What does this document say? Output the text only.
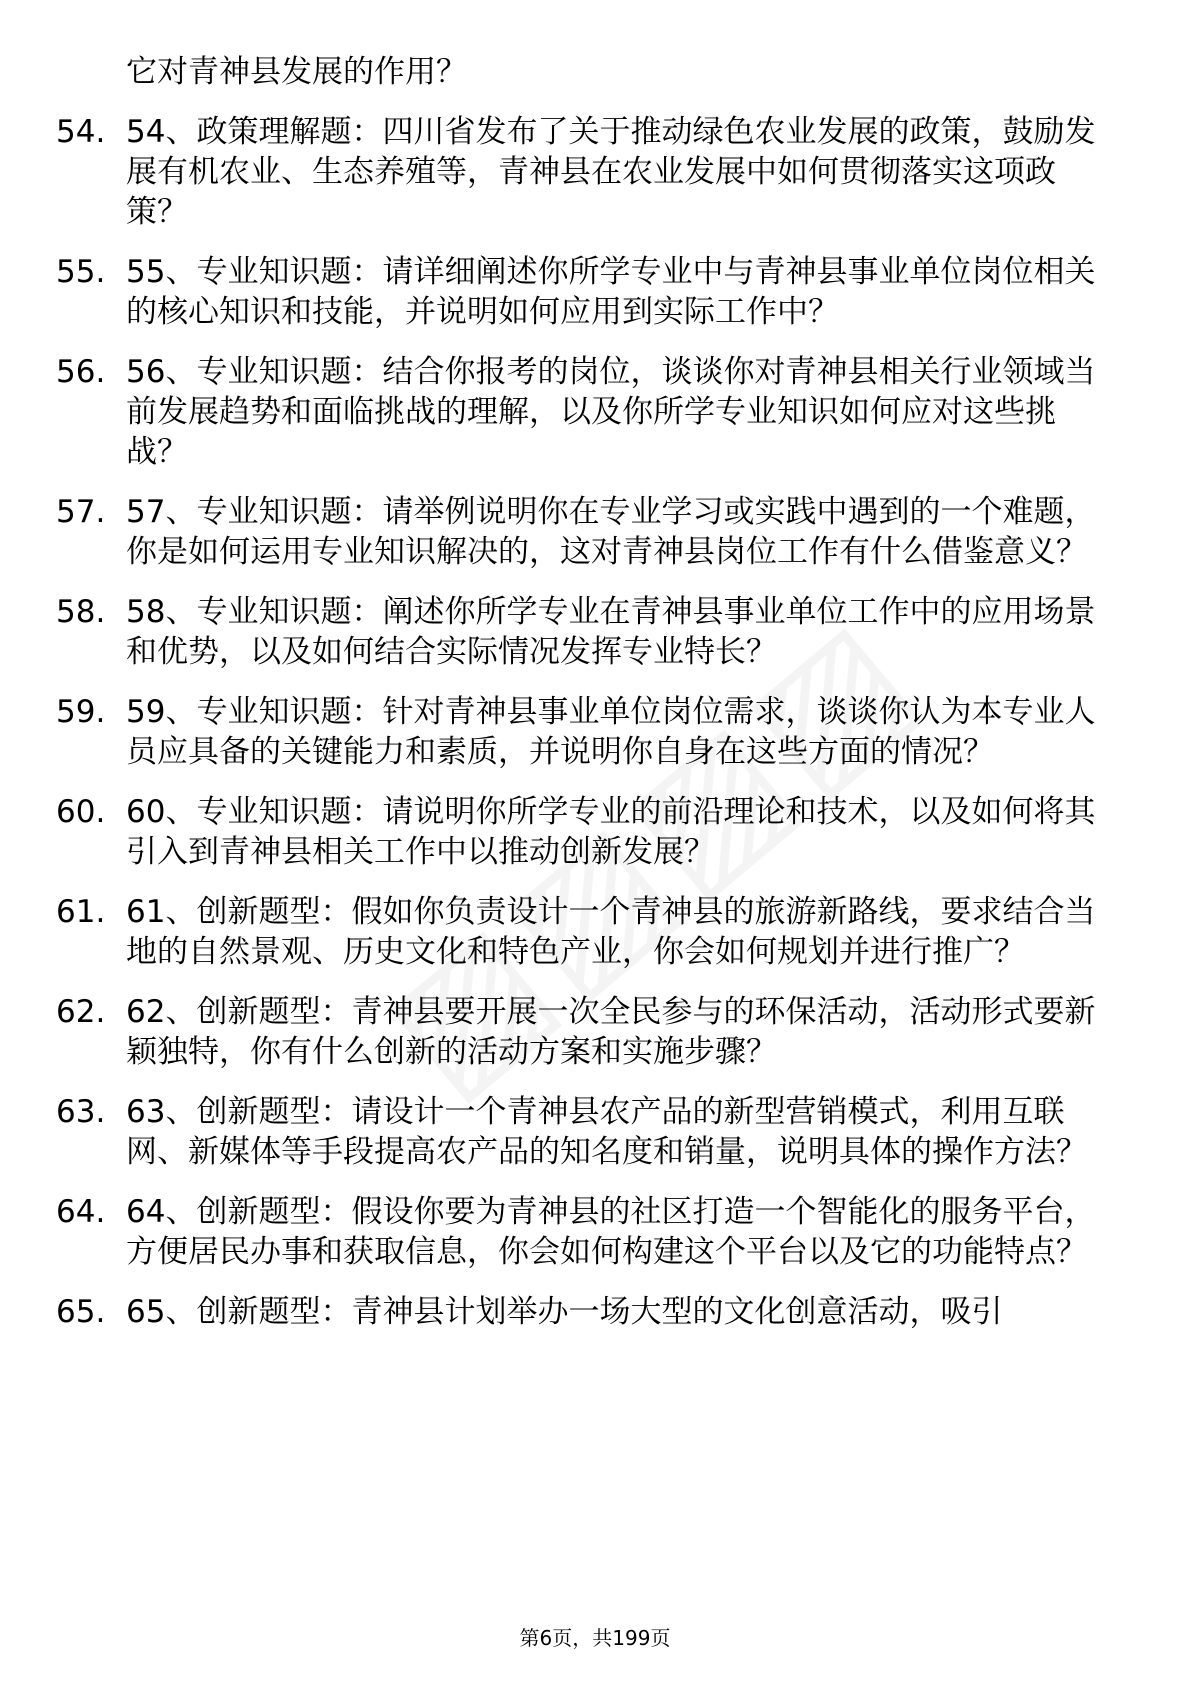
它对青神县发展的作用？
54. 54、政策理解题：四川省发布了关于推动绿色农业发展的政策，鼓励发展有机农业、生态养殖等，青神县在农业发展中如何贯彻落实这项政策？
55. 55、专业知识题：请详细阐述你所学专业中与青神县事业单位岗位相关的核心知识和技能，并说明如何应用到实际工作中？
56. 56、专业知识题：结合你报考的岗位，谈谈你对青神县相关行业领域当前发展趋势和面临挑战的理解，以及你所学专业知识如何应对这些挑战？
57. 57、专业知识题：请举例说明你在专业学习或实践中遇到的一个难题，你是如何运用专业知识解决的，这对青神县岗位工作有什么借鉴意义？
58. 58、专业知识题：阐述你所学专业在青神县事业单位工作中的应用场景和优势，以及如何结合实际情况发挥专业特长？
59. 59、专业知识题：针对青神县事业单位岗位需求，谈谈你认为本专业人员应具备的关键能力和素质，并说明你自身在这些方面的情况？
60. 60、专业知识题：请说明你所学专业的前沿理论和技术，以及如何将其引入到青神县相关工作中以推动创新发展？
61. 61、创新题型：假如你负责设计一个青神县的旅游新路线，要求结合当地的自然景观、历史文化和特色产业，你会如何规划并进行推广？
62. 62、创新题型：青神县要开展一次全民参与的环保活动，活动形式要新颖独特，你有什么创新的活动方案和实施步骤？
63. 63、创新题型：请设计一个青神县农产品的新型营销模式，利用互联网、新媒体等手段提高农产品的知名度和销量，说明具体的操作方法？
64. 64、创新题型：假设你要为青神县的社区打造一个智能化的服务平台，方便居民办事和获取信息，你会如何构建这个平台以及它的功能特点？
65. 65、创新题型：青神县计划举办一场大型的文化创意活动，吸引
第6页，共199页
